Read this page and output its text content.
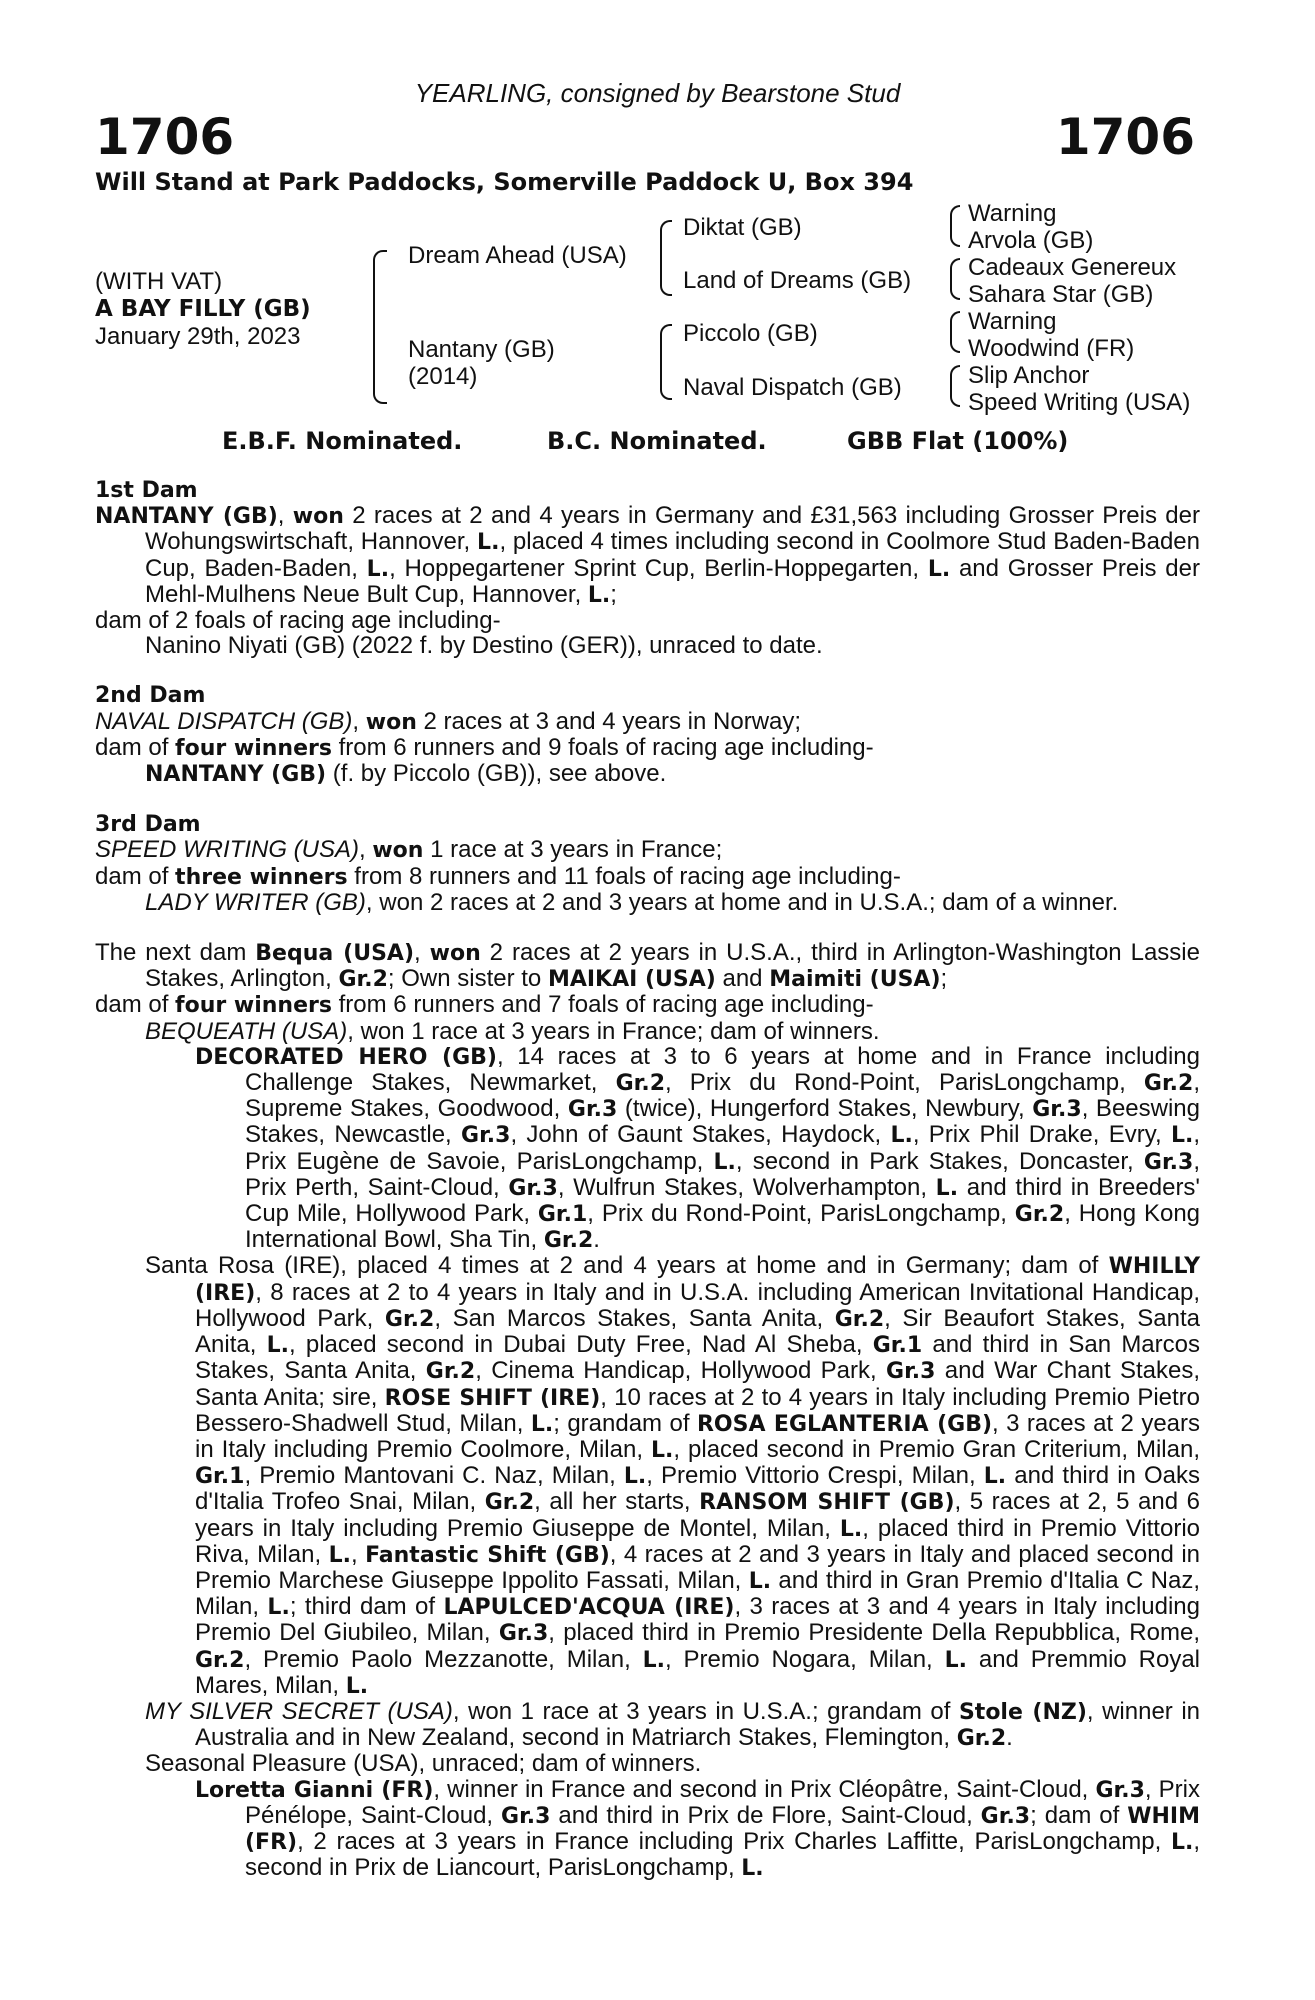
YEARLING, consigned by Bearstone Stud
1706	1706
Will Stand at Park Paddocks, Somerville Paddock U, Box 394
(WITH VAT)
A BAY FILLY (GB)
January 29th, 2023
Dream Ahead (USA)
Nantany (GB)
(2014)
Diktat (GB)
Land of Dreams (GB)
Piccolo (GB)
Naval Dispatch (GB)
Warning
Arvola (GB)
Cadeaux Genereux
Sahara Star (GB)
Warning
Woodwind (FR)
Slip Anchor
Speed Writing (USA)
E.B.F. Nominated.	B.C. Nominated.	GBB Flat (100%)

1st Dam

NANTANY (GB), won 2 races at 2 and 4 years in Germany and £31,563 including Grosser Preis der Wohungswirtschaft, Hannover, L., placed 4 times including second in Coolmore Stud Baden-Baden Cup, Baden-Baden, L., Hoppegartener Sprint Cup, Berlin-Hoppegarten, L. and Grosser Preis der Mehl-Mulhens Neue Bult Cup, Hannover, L.;

dam of 2 foals of racing age including-

Nanino Niyati (GB) (2022 f. by Destino (GER)), unraced to date.

2nd Dam

NAVAL DISPATCH (GB), won 2 races at 3 and 4 years in Norway;

dam of four winners from 6 runners and 9 foals of racing age including-

NANTANY (GB) (f. by Piccolo (GB)), see above.

3rd Dam

SPEED WRITING (USA), won 1 race at 3 years in France;

dam of three winners from 8 runners and 11 foals of racing age including-

LADY WRITER (GB), won 2 races at 2 and 3 years at home and in U.S.A.; dam of a winner.

The next dam Bequa (USA), won 2 races at 2 years in U.S.A., third in Arlington-Washington Lassie Stakes, Arlington, Gr.2; Own sister to MAIKAI (USA) and Maimiti (USA);

dam of four winners from 6 runners and 7 foals of racing age including-

BEQUEATH (USA), won 1 race at 3 years in France; dam of winners.

DECORATED HERO (GB), 14 races at 3 to 6 years at home and in France including Challenge Stakes, Newmarket, Gr.2, Prix du Rond-Point, ParisLongchamp, Gr.2, Supreme Stakes, Goodwood, Gr.3 (twice), Hungerford Stakes, Newbury, Gr.3, Beeswing Stakes, Newcastle, Gr.3, John of Gaunt Stakes, Haydock, L., Prix Phil Drake, Evry, L., Prix Eugène de Savoie, ParisLongchamp, L., second in Park Stakes, Doncaster, Gr.3, Prix Perth, Saint-Cloud, Gr.3, Wulfrun Stakes, Wolverhampton, L. and third in Breeders' Cup Mile, Hollywood Park, Gr.1, Prix du Rond-Point, ParisLongchamp, Gr.2, Hong Kong International Bowl, Sha Tin, Gr.2.

Santa Rosa (IRE), placed 4 times at 2 and 4 years at home and in Germany; dam of WHILLY (IRE), 8 races at 2 to 4 years in Italy and in U.S.A. including American Invitational Handicap, Hollywood Park, Gr.2, San Marcos Stakes, Santa Anita, Gr.2, Sir Beaufort Stakes, Santa Anita, L., placed second in Dubai Duty Free, Nad Al Sheba, Gr.1 and third in San Marcos Stakes, Santa Anita, Gr.2, Cinema Handicap, Hollywood Park, Gr.3 and War Chant Stakes, Santa Anita; sire, ROSE SHIFT (IRE), 10 races at 2 to 4 years in Italy including Premio Pietro Bessero-Shadwell Stud, Milan, L.; grandam of ROSA EGLANTERIA (GB), 3 races at 2 years in Italy including Premio Coolmore, Milan, L., placed second in Premio Gran Criterium, Milan, Gr.1, Premio Mantovani C. Naz, Milan, L., Premio Vittorio Crespi, Milan, L. and third in Oaks d'Italia Trofeo Snai, Milan, Gr.2, all her starts, RANSOM SHIFT (GB), 5 races at 2, 5 and 6 years in Italy including Premio Giuseppe de Montel, Milan, L., placed third in Premio Vittorio Riva, Milan, L., Fantastic Shift (GB), 4 races at 2 and 3 years in Italy and placed second in Premio Marchese Giuseppe Ippolito Fassati, Milan, L. and third in Gran Premio d'Italia C Naz, Milan, L.; third dam of LAPULCED'ACQUA (IRE), 3 races at 3 and 4 years in Italy including Premio Del Giubileo, Milan, Gr.3, placed third in Premio Presidente Della Repubblica, Rome, Gr.2, Premio Paolo Mezzanotte, Milan, L., Premio Nogara, Milan, L. and Premmio Royal Mares, Milan, L.

MY SILVER SECRET (USA), won 1 race at 3 years in U.S.A.; grandam of Stole (NZ), winner in Australia and in New Zealand, second in Matriarch Stakes, Flemington, Gr.2.

Seasonal Pleasure (USA), unraced; dam of winners.

Loretta Gianni (FR), winner in France and second in Prix Cléopâtre, Saint-Cloud, Gr.3, Prix Pénélope, Saint-Cloud, Gr.3 and third in Prix de Flore, Saint-Cloud, Gr.3; dam of WHIM (FR), 2 races at 3 years in France including Prix Charles Laffitte, ParisLongchamp, L., second in Prix de Liancourt, ParisLongchamp, L.
